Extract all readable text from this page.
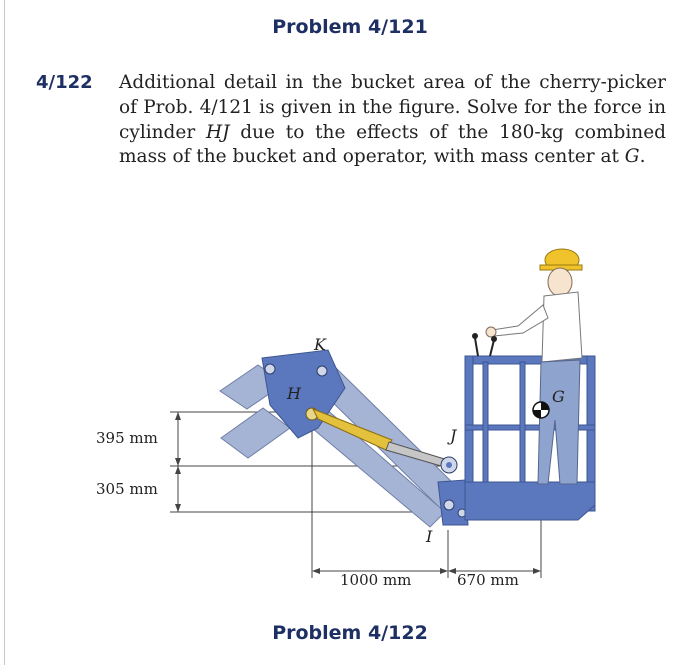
Problem 4/121
4/122 Additional detail in the bucket area of the cherry-picker of Prob. 4/121 is given in the figure. Solve for the force in cylinder HJ due to the effects of the 180-kg combined mass of the bucket and operator, with mass center at G.
K
H
J
I
G
395 mm
305 mm
1000 mm	670 mm
Problem 4/122
